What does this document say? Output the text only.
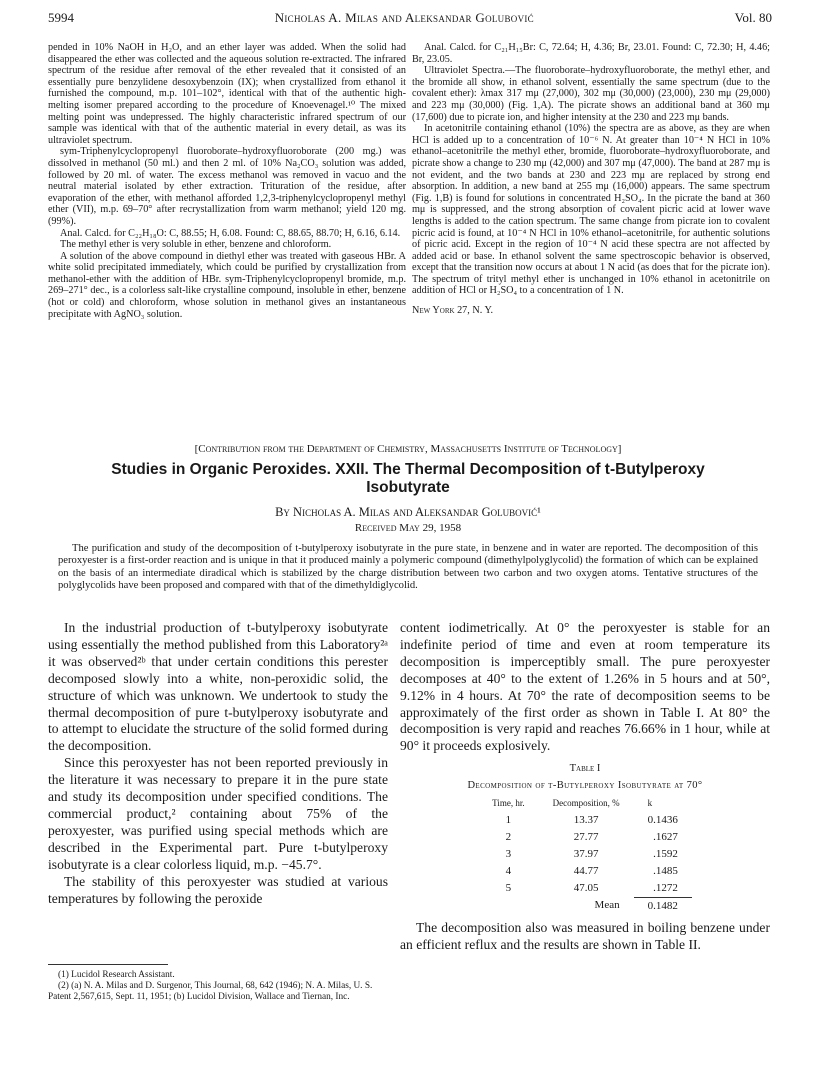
5994	Nicholas A. Milas and Aleksandar Golubović	Vol. 80

pended in 10% NaOH in H₂O, and an ether layer was added. When the solid had disappeared the ether was collected and the aqueous solution re-extracted. The infrared spectrum of the residue after removal of the ether revealed that it consisted of an essentially pure benzylidene desoxybenzoin (IX); when crystallized from ethanol it furnished the compound, m.p. 101–102°, identical with that of the authentic high-melting isomer prepared according to the procedure of Knoevenagel.¹⁰ The mixed melting point was undepressed. The highly characteristic infrared spectrum of our sample was identical with that of the authentic material in every detail, as was its ultraviolet spectrum.

sym-Triphenylcyclopropenyl fluoroborate–hydroxyfluoroborate (200 mg.) was dissolved in methanol (50 ml.) and then 2 ml. of 10% Na₂CO₃ solution was added, followed by 20 ml. of water. The excess methanol was removed in vacuo and the neutral material isolated by ether extraction. Trituration of the residue, after evaporation of the ether, with methanol afforded 1,2,3-triphenylcyclopropenyl methyl ether (VII), m.p. 69–70° after recrystallization from warm methanol; yield 120 mg. (99%).

Anal. Calcd. for C₂₂H₁₈O: C, 88.55; H, 6.08. Found: C, 88.65, 88.70; H, 6.16, 6.14.

The methyl ether is very soluble in ether, benzene and chloroform.

A solution of the above compound in diethyl ether was treated with gaseous HBr. A white solid precipitated immediately, which could be purified by crystallization from methanol-ether with the addition of HBr. sym-Triphenylcyclopropenyl bromide, m.p. 269–271° dec., is a colorless salt-like crystalline compound, insoluble in ether, benzene (hot or cold) and chloroform, whose solution in methanol gives an instantaneous precipitate with AgNO₃ solution.

Anal. Calcd. for C₂₁H₁₅Br: C, 72.64; H, 4.36; Br, 23.01. Found: C, 72.30; H, 4.46; Br, 23.05.

Ultraviolet Spectra.—The fluoroborate–hydroxyfluoroborate, the methyl ether, and the bromide all show, in ethanol solvent, essentially the same spectrum (due to the covalent ether): λmax 317 mμ (27,000), 302 mμ (30,000) (23,000), 230 mμ (29,000) and 223 mμ (30,000) (Fig. 1,A). The picrate shows an additional band at 360 mμ (17,600) due to picrate ion, and higher intensity at the 230 and 223 mμ bands.

In acetonitrile containing ethanol (10%) the spectra are as above, as they are when HCl is added up to a concentration of 10⁻⁶ N. At greater than 10⁻⁴ N HCl in 10% ethanol–acetonitrile the methyl ether, bromide, fluoroborate–hydroxyfluoroborate, and picrate show a change to 230 mμ (42,000) and 307 mμ (47,000). The band at 287 mμ is not evident, and the two bands at 230 and 223 mμ are replaced by strong end absorption. In addition, a new band at 255 mμ (16,000) appears. The same spectrum (Fig. 1,B) is found for solutions in concentrated H₂SO₄. In the picrate the band at 360 mμ is suppressed, and the strong absorption of covalent picric acid at lower wave lengths is added to the cation spectrum. The same change from picrate ion to covalent picric acid is found, at 10⁻⁴ N HCl in 10% ethanol–acetonitrile, for authentic solutions of picric acid. Except in the region of 10⁻⁴ N acid these spectra are not affected by added acid or base. In ethanol solvent the same spectroscopic behavior is observed, except that the transition now occurs at about 1 N acid (as does that for the picrate ion). The spectrum of trityl methyl ether is unchanged in 10% ethanol in acetonitrile on addition of HCl or H₂SO₄ to a concentration of 1 N.

New York 27, N. Y.

[Contribution from the Department of Chemistry, Massachusetts Institute of Technology]
Studies in Organic Peroxides. XXII. The Thermal Decomposition of t-Butylperoxy
Isobutyrate
By Nicholas A. Milas and Aleksandar Golubović¹
Received May 29, 1958

The purification and study of the decomposition of t-butylperoxy isobutyrate in the pure state, in benzene and in water are reported. The decomposition of this peroxyester is a first-order reaction and is unique in that it produced mainly a polymeric compound (dimethylpolyglycolid) the formation of which can be explained on the basis of an intermediate diradical which is stabilized by the charge distribution between two carbon and two oxygen atoms. Tentative structures of the polyglycolids have been proposed and compared with that of the dimethyldiglycolid.

In the industrial production of t-butylperoxy isobutyrate using essentially the method published from this Laboratory²ᵃ it was observed²ᵇ that under certain conditions this perester decomposed slowly into a white, non-peroxidic solid, the structure of which was unknown. We undertook to study the thermal decomposition of pure t-butylperoxy isobutyrate and to attempt to elucidate the structure of the solid formed during the decomposition.

Since this peroxyester has not been reported previously in the literature it was necessary to prepare it in the pure state and study its decomposition under specified conditions. The commercial product,² containing about 75% of the peroxyester, was purified using special methods which are described in the Experimental part. Pure t-butylperoxy isobutyrate is a clear colorless liquid, m.p. −45.7°.

The stability of this peroxyester was studied at various temperatures by following the peroxide

(1) Lucidol Research Assistant.

(2) (a) N. A. Milas and D. Surgenor, This Journal, 68, 642 (1946); N. A. Milas, U. S. Patent 2,567,615, Sept. 11, 1951; (b) Lucidol Division, Wallace and Tiernan, Inc.

content iodimetrically. At 0° the peroxyester is stable for an indefinite period of time and even at room temperature its decomposition is imperceptibly small. The pure peroxyester decomposes at 40° to the extent of 1.26% in 5 hours and at 50°, 9.12% in 4 hours. At 70° the rate of decomposition seems to be approximately of the first order as shown in Table I. At 80° the decomposition is very rapid and reaches 76.66% in 1 hour, while at 90° it proceeds explosively.

Table I
Decomposition of t-Butylperoxy Isobutyrate at 70°
Time, hr.	Decomposition, %	k
1	13.37	0.1436
2	27.77	.1627
3	37.97	.1592
4	44.77	.1485
5	47.05	.1272
	Mean	0.1482

The decomposition also was measured in boiling benzene under an efficient reflux and the results are shown in Table II.
